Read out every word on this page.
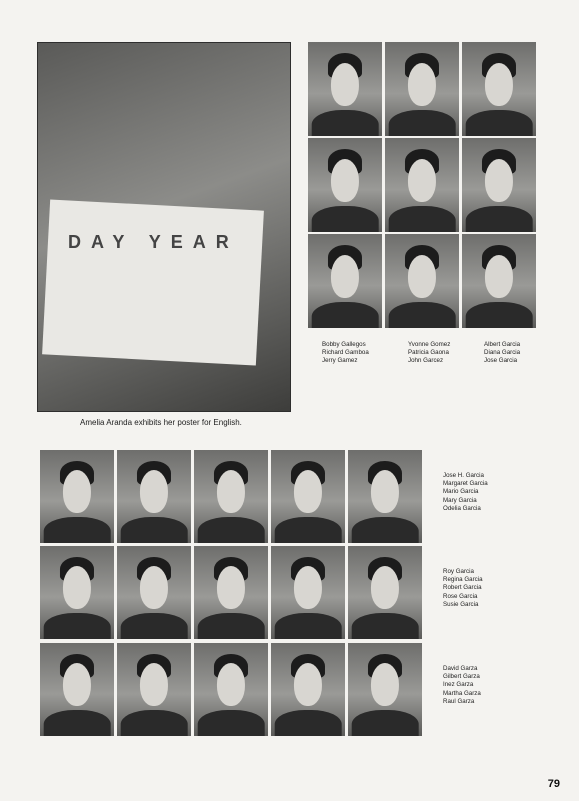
DAY YEAR
Amelia Aranda exhibits her poster for English.
Bobby Gallegos
Richard Gamboa
Jerry Gamez
Yvonne Gomez
Patricia Gaona
John Garcez
Albert Garcia
Diana Garcia
Jose Garcia
Jose H. Garcia
Margaret Garcia
Mario Garcia
Mary Garcia
Odelia Garcia
Roy Garcia
Regina Garcia
Robert Garcia
Rose Garcia
Susie Garcia
David Garza
Gilbert Garza
Inez Garza
Martha Garza
Raul Garza
79
